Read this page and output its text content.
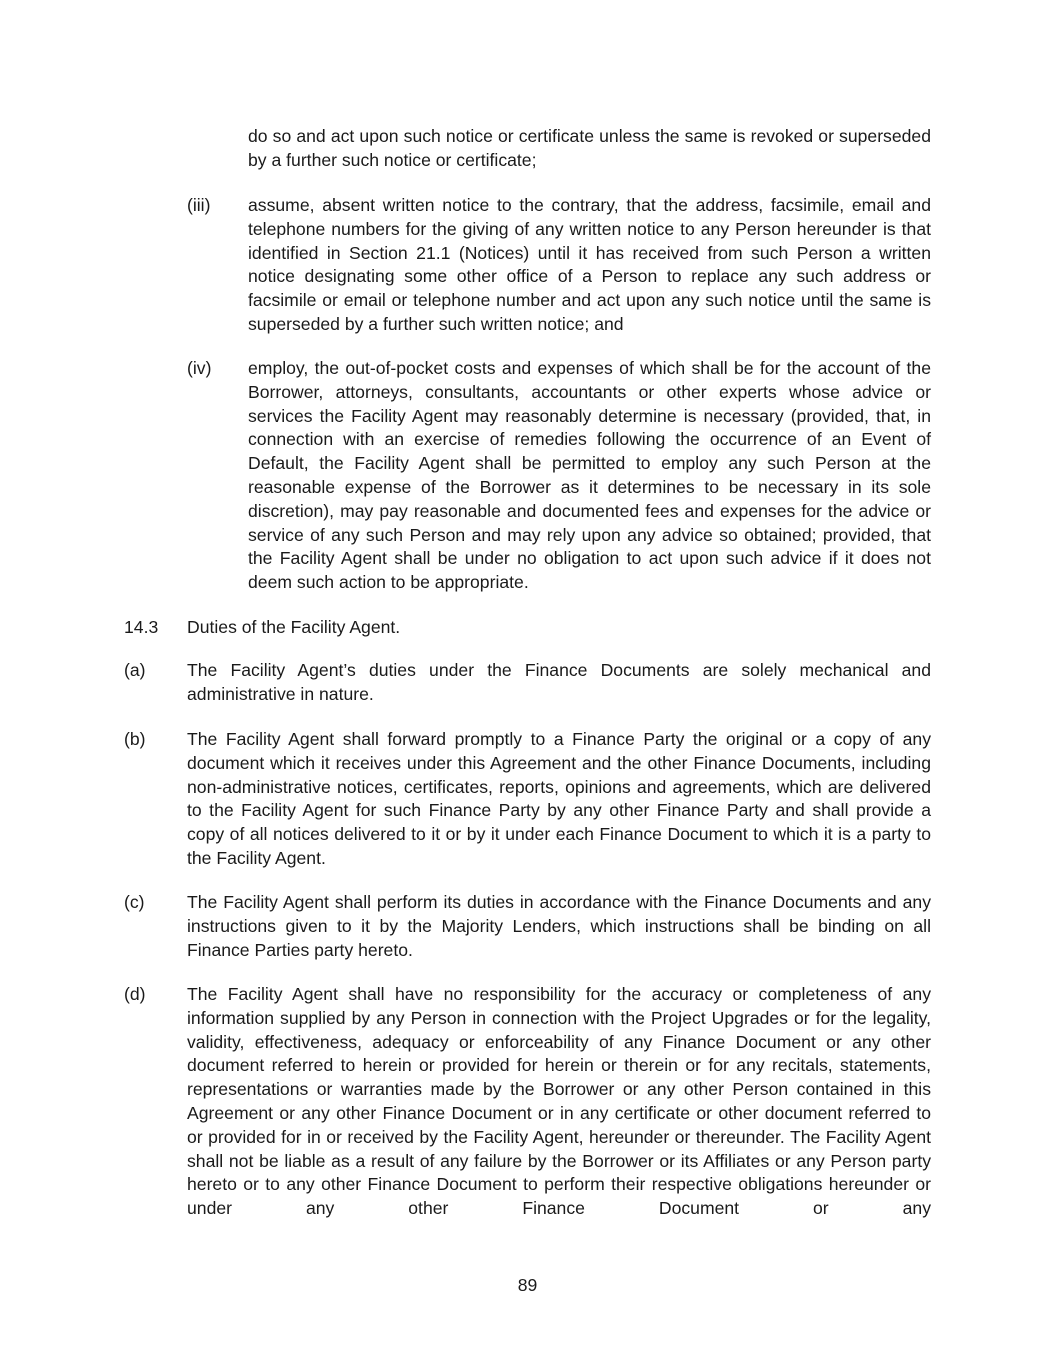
do so and act upon such notice or certificate unless the same is revoked or superseded by a further such notice or certificate;
(iii) assume, absent written notice to the contrary, that the address, facsimile, email and telephone numbers for the giving of any written notice to any Person hereunder is that identified in Section 21.1 (Notices) until it has received from such Person a written notice designating some other office of a Person to replace any such address or facsimile or email or telephone number and act upon any such notice until the same is superseded by a further such written notice; and
(iv) employ, the out-of-pocket costs and expenses of which shall be for the account of the Borrower, attorneys, consultants, accountants or other experts whose advice or services the Facility Agent may reasonably determine is necessary (provided, that, in connection with an exercise of remedies following the occurrence of an Event of Default, the Facility Agent shall be permitted to employ any such Person at the reasonable expense of the Borrower as it determines to be necessary in its sole discretion), may pay reasonable and documented fees and expenses for the advice or service of any such Person and may rely upon any advice so obtained; provided, that the Facility Agent shall be under no obligation to act upon such advice if it does not deem such action to be appropriate.
14.3 Duties of the Facility Agent.
(a) The Facility Agent’s duties under the Finance Documents are solely mechanical and administrative in nature.
(b) The Facility Agent shall forward promptly to a Finance Party the original or a copy of any document which it receives under this Agreement and the other Finance Documents, including non-administrative notices, certificates, reports, opinions and agreements, which are delivered to the Facility Agent for such Finance Party by any other Finance Party and shall provide a copy of all notices delivered to it or by it under each Finance Document to which it is a party to the Facility Agent.
(c) The Facility Agent shall perform its duties in accordance with the Finance Documents and any instructions given to it by the Majority Lenders, which instructions shall be binding on all Finance Parties party hereto.
(d) The Facility Agent shall have no responsibility for the accuracy or completeness of any information supplied by any Person in connection with the Project Upgrades or for the legality, validity, effectiveness, adequacy or enforceability of any Finance Document or any other document referred to herein or provided for herein or therein or for any recitals, statements, representations or warranties made by the Borrower or any other Person contained in this Agreement or any other Finance Document or in any certificate or other document referred to or provided for in or received by the Facility Agent, hereunder or thereunder. The Facility Agent shall not be liable as a result of any failure by the Borrower or its Affiliates or any Person party hereto or to any other Finance Document to perform their respective obligations hereunder or under any other Finance Document or any
89
